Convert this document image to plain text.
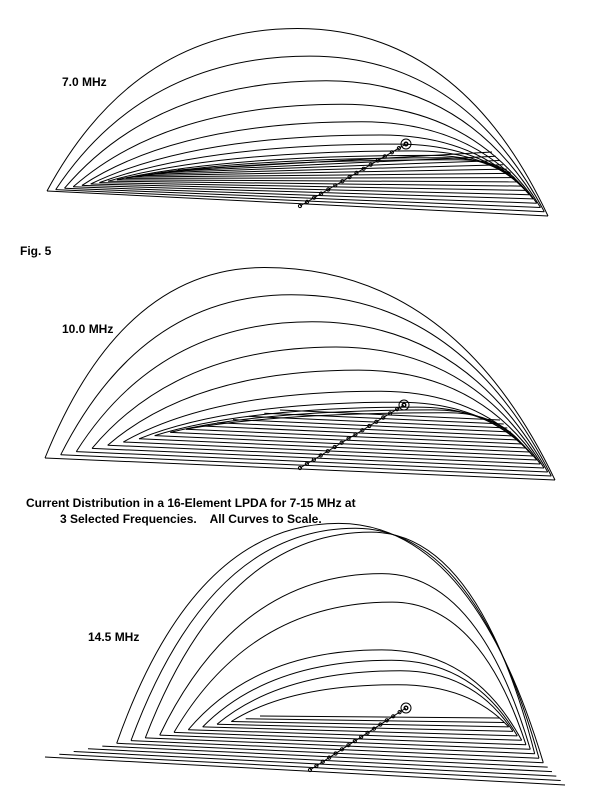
7.0 MHz
Fig. 5
10.0 MHz
Current Distribution in a 16-Element LPDA for 7-15 MHz at
3 Selected Frequencies.    All Curves to Scale.
14.5 MHz
